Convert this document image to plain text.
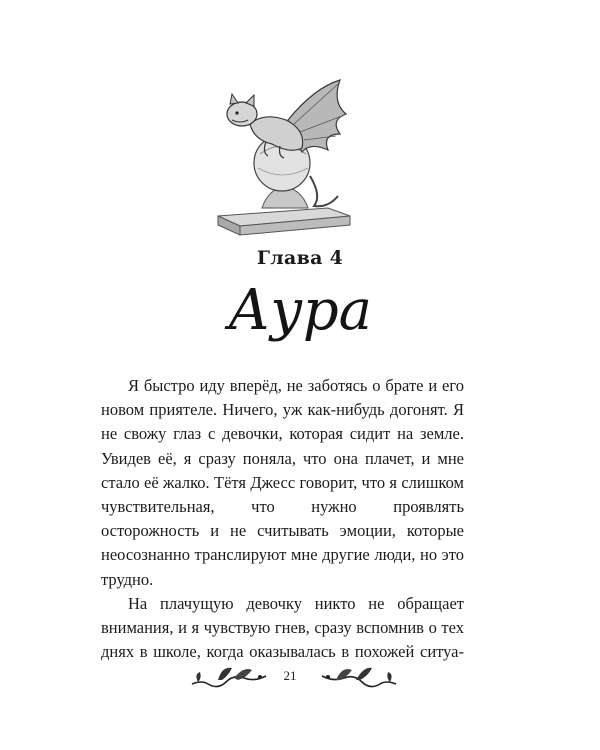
Глава 4
Аура

Я быстро иду вперёд, не заботясь о брате и его новом приятеле. Ничего, уж как-нибудь догонят. Я не свожу глаз с девочки, которая сидит на земле. Увидев её, я сразу поняла, что она плачет, и мне стало её жалко. Тётя Джесс говорит, что я слишком чувствительная, что нужно проявлять осторожность и не считывать эмоции, которые неосознанно транслируют мне другие люди, но это трудно.

На плачущую девочку никто не обращает внимания, и я чувствую гнев, сразу вспомнив о тех днях в школе, когда оказывалась в похожей ситуа-

21
